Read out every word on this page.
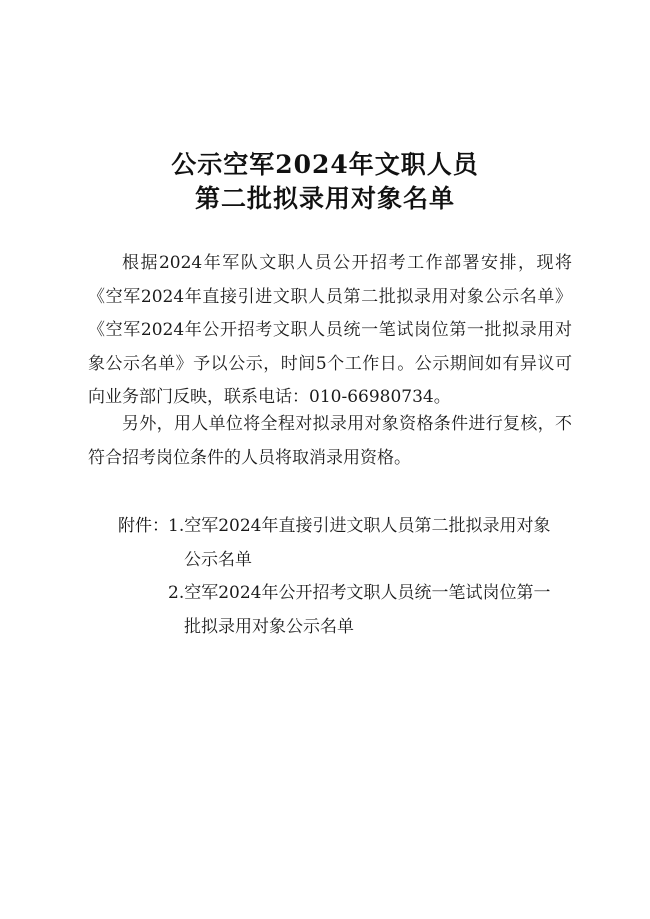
公示空军2024年文职人员
第二批拟录用对象名单

根据2024年军队文职人员公开招考工作部署安排，现将《空军2024年直接引进文职人员第二批拟录用对象公示名单》《空军2024年公开招考文职人员统一笔试岗位第一批拟录用对象公示名单》予以公示，时间5个工作日。公示期间如有异议可向业务部门反映，联系电话：010-66980734。

另外，用人单位将全程对拟录用对象资格条件进行复核，不符合招考岗位条件的人员将取消录用资格。

附件： 1.空军2024年直接引进文职人员第二批拟录用对象
公示名单
2.空军2024年公开招考文职人员统一笔试岗位第一
批拟录用对象公示名单
